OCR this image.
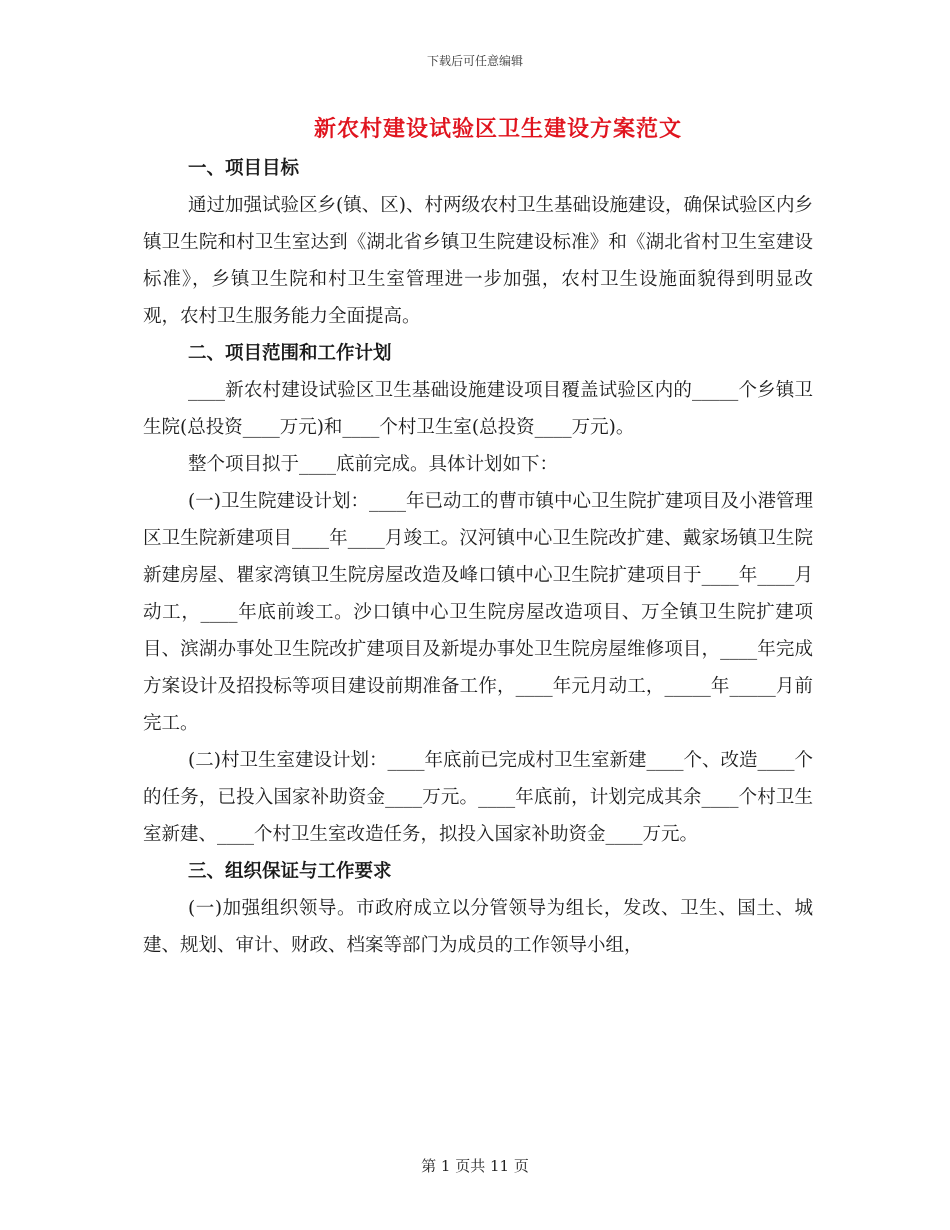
下载后可任意编辑
新农村建设试验区卫生建设方案范文

一、项目目标

通过加强试验区乡(镇、区)、村两级农村卫生基础设施建设，确保试验区内乡镇卫生院和村卫生室达到《湖北省乡镇卫生院建设标准》和《湖北省村卫生室建设标准》，乡镇卫生院和村卫生室管理进一步加强，农村卫生设施面貌得到明显改观，农村卫生服务能力全面提高。

二、项目范围和工作计划

____新农村建设试验区卫生基础设施建设项目覆盖试验区内的_____个乡镇卫生院(总投资____万元)和____个村卫生室(总投资____万元)。

整个项目拟于____底前完成。具体计划如下：

(一)卫生院建设计划：____年已动工的曹市镇中心卫生院扩建项目及小港管理区卫生院新建项目____年____月竣工。汉河镇中心卫生院改扩建、戴家场镇卫生院新建房屋、瞿家湾镇卫生院房屋改造及峰口镇中心卫生院扩建项目于____年____月动工，____年底前竣工。沙口镇中心卫生院房屋改造项目、万全镇卫生院扩建项目、滨湖办事处卫生院改扩建项目及新堤办事处卫生院房屋维修项目，____年完成方案设计及招投标等项目建设前期准备工作，____年元月动工，_____年_____月前完工。

(二)村卫生室建设计划：____年底前已完成村卫生室新建____个、改造____个的任务，已投入国家补助资金____万元。____年底前，计划完成其余____个村卫生室新建、____个村卫生室改造任务，拟投入国家补助资金____万元。

三、组织保证与工作要求

(一)加强组织领导。市政府成立以分管领导为组长，发改、卫生、国土、城建、规划、审计、财政、档案等部门为成员的工作领导小组，

第 1 页共 11 页
